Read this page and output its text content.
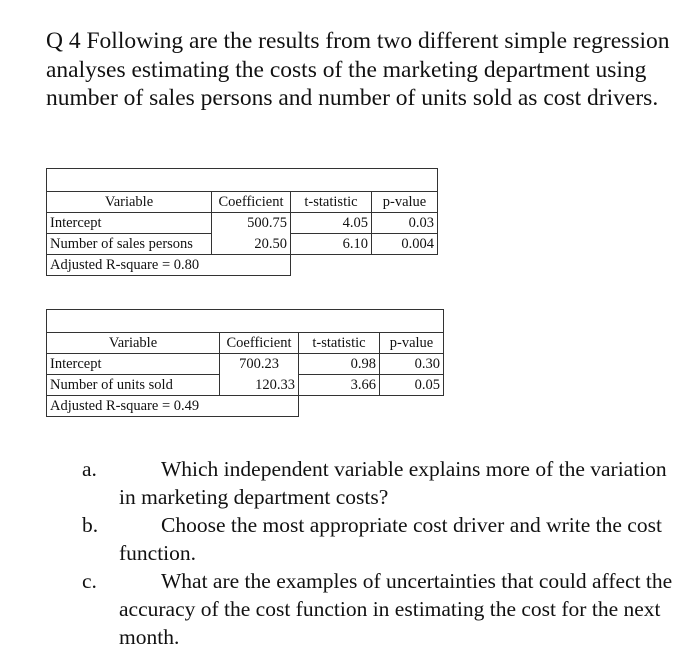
Q 4 Following are the results from two different simple regression analyses estimating the costs of the marketing department using number of sales persons and number of units sold as cost drivers.

Variable	Coefficient	t-statistic	p-value
Intercept	500.75	4.05	0.03
Number of sales persons	20.50	6.10	0.004
Adjusted R-square = 0.80			

Variable	Coefficient	t-statistic	p-value
Intercept	700.23	0.98	0.30
Number of units sold	120.33	3.66	0.05
Adjusted R-square = 0.49			
a.	Which independent variable explains more of the variation in marketing department costs?
b.	Choose the most appropriate cost driver and write the cost function.
c.	What are the examples of uncertainties that could affect the accuracy of the cost function in estimating the cost for the next month.
